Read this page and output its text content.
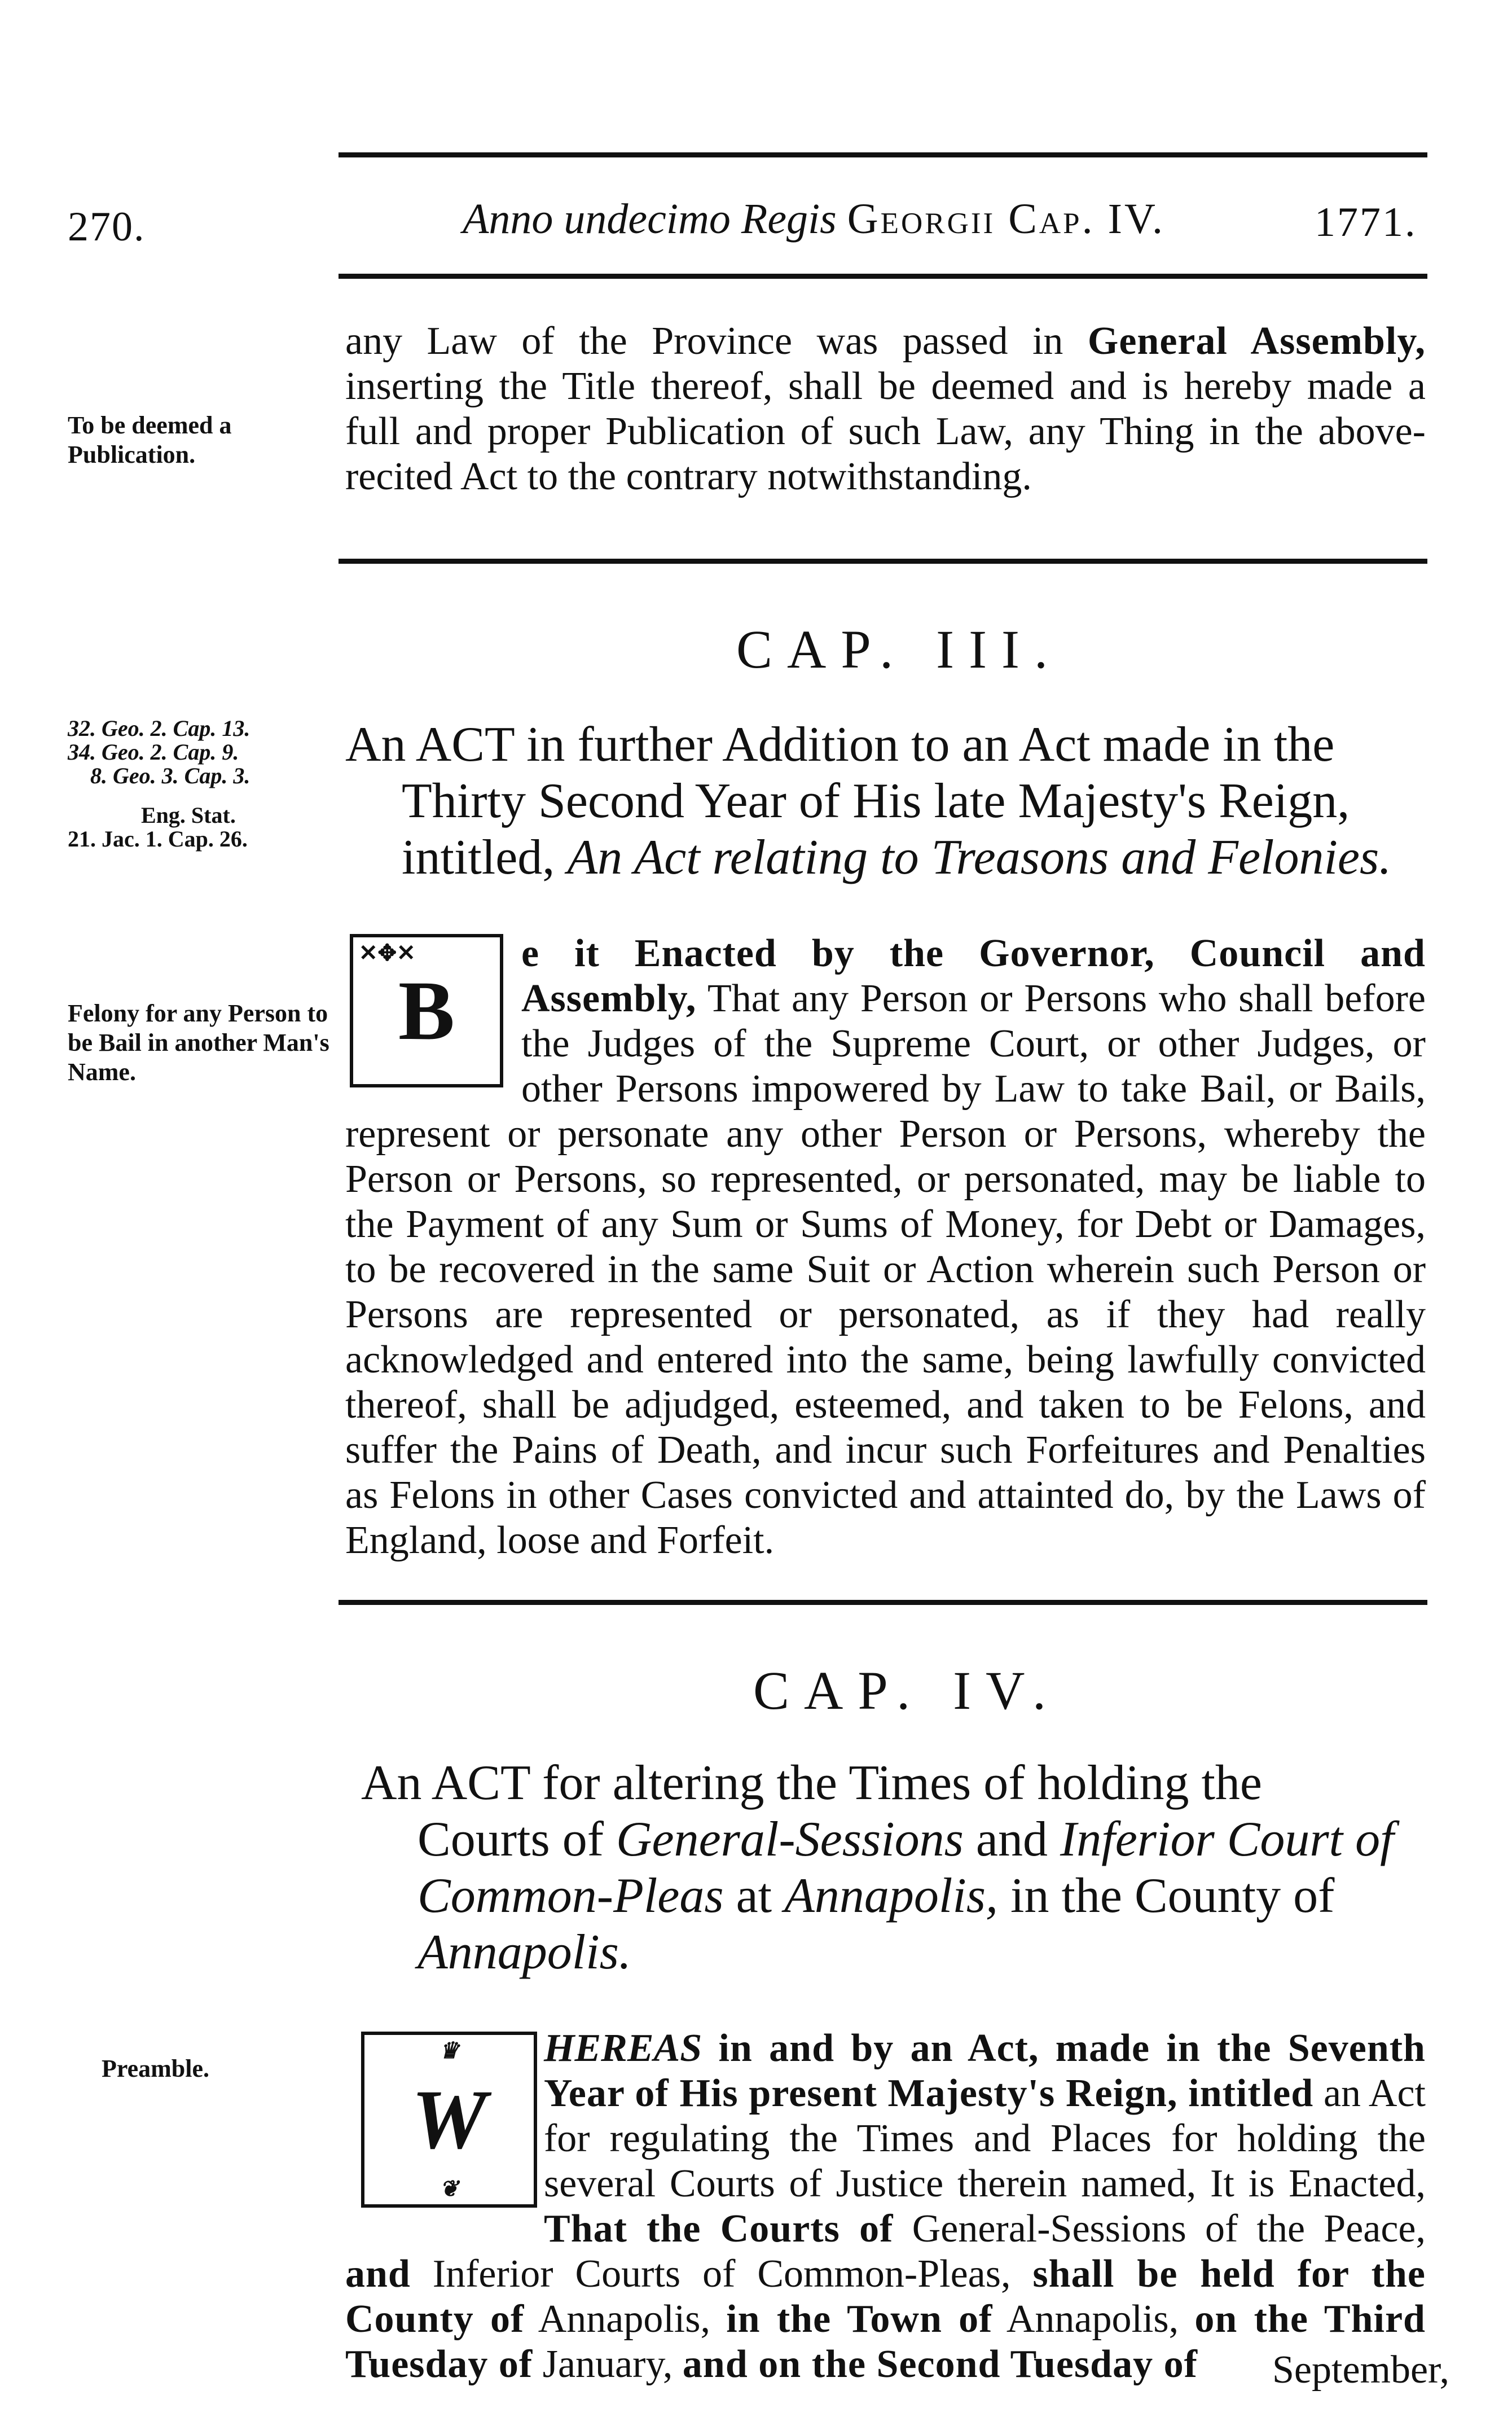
270.	Anno undecimo Regis Georgii Cap. IV.	1771.
To be deemed a Publication.

any Law of the Province was passed in General Assembly, inserting the Title thereof, shall be deemed and is hereby made a full and proper Publication of such Law, any Thing in the above-recited Act to the contrary notwithstanding.

CAP. III.
32. Geo. 2. Cap. 13.
34. Geo. 2. Cap. 9.
8. Geo. 3. Cap. 3.
Eng. Stat.
21. Jac. 1. Cap. 26.
An ACT in further Addition to an Act made in the
Thirty Second Year of His late Majesty's Reign,
intitled, An Act relating to Treasons and Felonies.
Felony for any Person to be Bail in another Man's Name.
✕✥✕
B

e it Enacted by the Governor, Council and Assembly, That any Person or Persons who shall before the Judges of the Supreme Court, or other Judges, or other Persons impowered by Law to take Bail, or Bails, represent or personate any other Person or Persons, whereby the Person or Persons, so represented, or personated, may be liable to the Payment of any Sum or Sums of Money, for Debt or Damages, to be recovered in the same Suit or Action wherein such Person or Persons are represented or personated, as if they had really acknowledged and entered into the same, being lawfully convicted thereof, shall be adjudged, esteemed, and taken to be Felons, and suffer the Pains of Death, and incur such Forfeitures and Penalties as Felons in other Cases convicted and attainted do, by the Laws of England, loose and Forfeit.

CAP. IV.
An ACT for altering the Times of holding the
Courts of General-Sessions and Inferior Court of
Common-Pleas at Annapolis, in the County of
Annapolis.
Preamble.
♛
W
❦

HEREAS in and by an Act, made in the Seventh Year of His present Majesty's Reign, intitled an Act for regulating the Times and Places for holding the several Courts of Justice therein named, It is Enacted, That the Courts of General-Sessions of the Peace, and Inferior Courts of Common-Pleas, shall be held for the County of Annapolis, in the Town of Annapolis, on the Third Tuesday of January, and on the Second Tuesday of	September,
